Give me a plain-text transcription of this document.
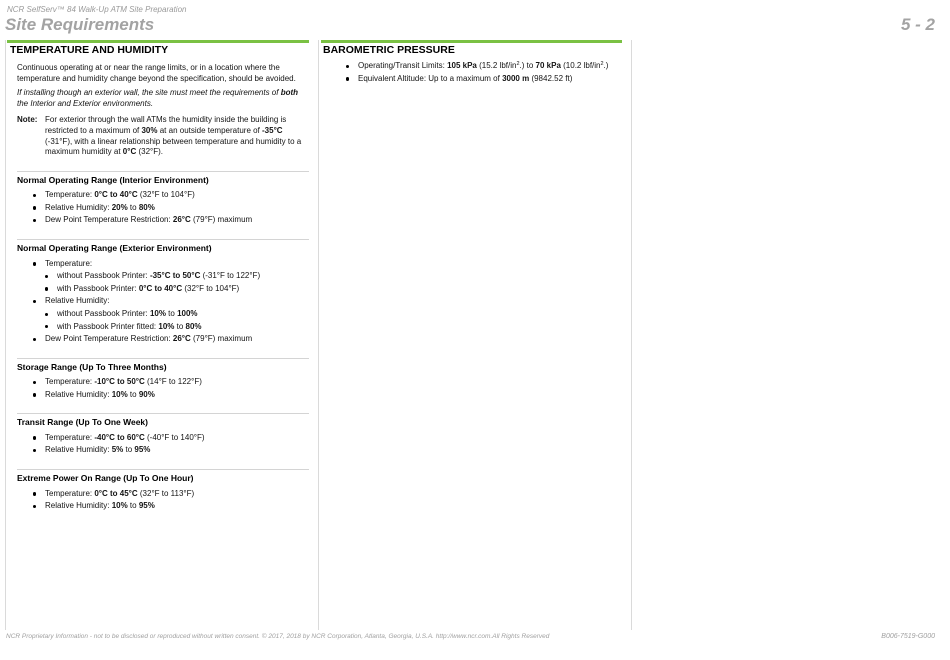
NCR SelfServ™ 84 Walk-Up ATM Site Preparation
Site Requirements	5 - 2
TEMPERATURE AND HUMIDITY

Continuous operating at or near the range limits, or in a location where the temperature and humidity change beyond the specification, should be avoided.

If installing though an exterior wall, the site must meet the requirements of both the Interior and Exterior environments.

Note: For exterior through the wall ATMs the humidity inside the building is restricted to a maximum of 30% at an outside temperature of -35°C (-31°F), with a linear relationship between temperature and humidity to a maximum humidity at 0°C (32°F).
Normal Operating Range (Interior Environment)
Temperature: 0°C to 40°C (32°F to 104°F)
Relative Humidity: 20% to 80%
Dew Point Temperature Restriction: 26°C (79°F) maximum
Normal Operating Range (Exterior Environment)
Temperature:
without Passbook Printer: -35°C to 50°C (-31°F to 122°F)
with Passbook Printer: 0°C to 40°C (32°F to 104°F)
Relative Humidity:
without Passbook Printer: 10% to 100%
with Passbook Printer fitted: 10% to 80%
Dew Point Temperature Restriction: 26°C (79°F) maximum
Storage Range (Up To Three Months)
Temperature: -10°C to 50°C (14°F to 122°F)
Relative Humidity: 10% to 90%
Transit Range (Up To One Week)
Temperature: -40°C to 60°C (-40°F to 140°F)
Relative Humidity: 5% to 95%
Extreme Power On Range (Up To One Hour)
Temperature: 0°C to 45°C (32°F to 113°F)
Relative Humidity: 10% to 95%
BAROMETRIC PRESSURE
Operating/Transit Limits: 105 kPa (15.2 lbf/$in^2$.) to 70 kPa (10.2 lbf/$in^2$.)
Equivalent Altitude: Up to a maximum of 3000 m (9842.52 ft)
NCR Proprietary Information - not to be disclosed or reproduced without written consent. © 2017, 2018 by NCR Corporation, Atlanta, Georgia, U.S.A. http://www.ncr.com.All Rights Reserved	B006-7519-G000
